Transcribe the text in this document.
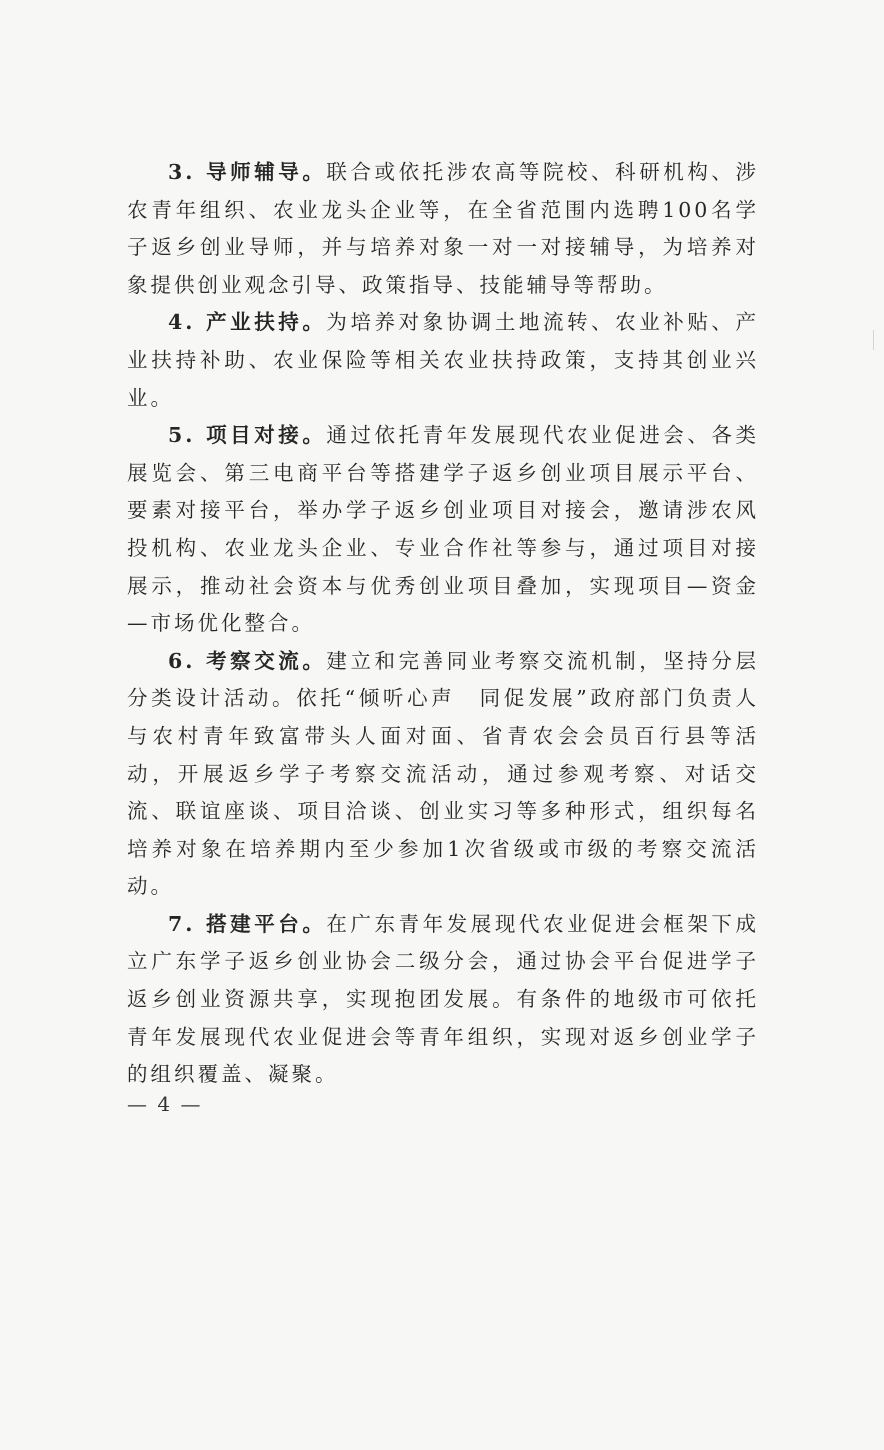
3. 导师辅导。联合或依托涉农高等院校、科研机构、涉农青年组织、农业龙头企业等，在全省范围内选聘100名学子返乡创业导师，并与培养对象一对一对接辅导，为培养对象提供创业观念引导、政策指导、技能辅导等帮助。

4. 产业扶持。为培养对象协调土地流转、农业补贴、产业扶持补助、农业保险等相关农业扶持政策，支持其创业兴业。

5. 项目对接。通过依托青年发展现代农业促进会、各类展览会、第三电商平台等搭建学子返乡创业项目展示平台、要素对接平台，举办学子返乡创业项目对接会，邀请涉农风投机构、农业龙头企业、专业合作社等参与，通过项目对接展示，推动社会资本与优秀创业项目叠加，实现项目—资金—市场优化整合。

6. 考察交流。建立和完善同业考察交流机制，坚持分层分类设计活动。依托“倾听心声　同促发展”政府部门负责人与农村青年致富带头人面对面、省青农会会员百行县等活动，开展返乡学子考察交流活动，通过参观考察、对话交流、联谊座谈、项目洽谈、创业实习等多种形式，组织每名培养对象在培养期内至少参加1次省级或市级的考察交流活动。

7. 搭建平台。在广东青年发展现代农业促进会框架下成立广东学子返乡创业协会二级分会，通过协会平台促进学子返乡创业资源共享，实现抱团发展。有条件的地级市可依托青年发展现代农业促进会等青年组织，实现对返乡创业学子的组织覆盖、凝聚。

— 4 —
